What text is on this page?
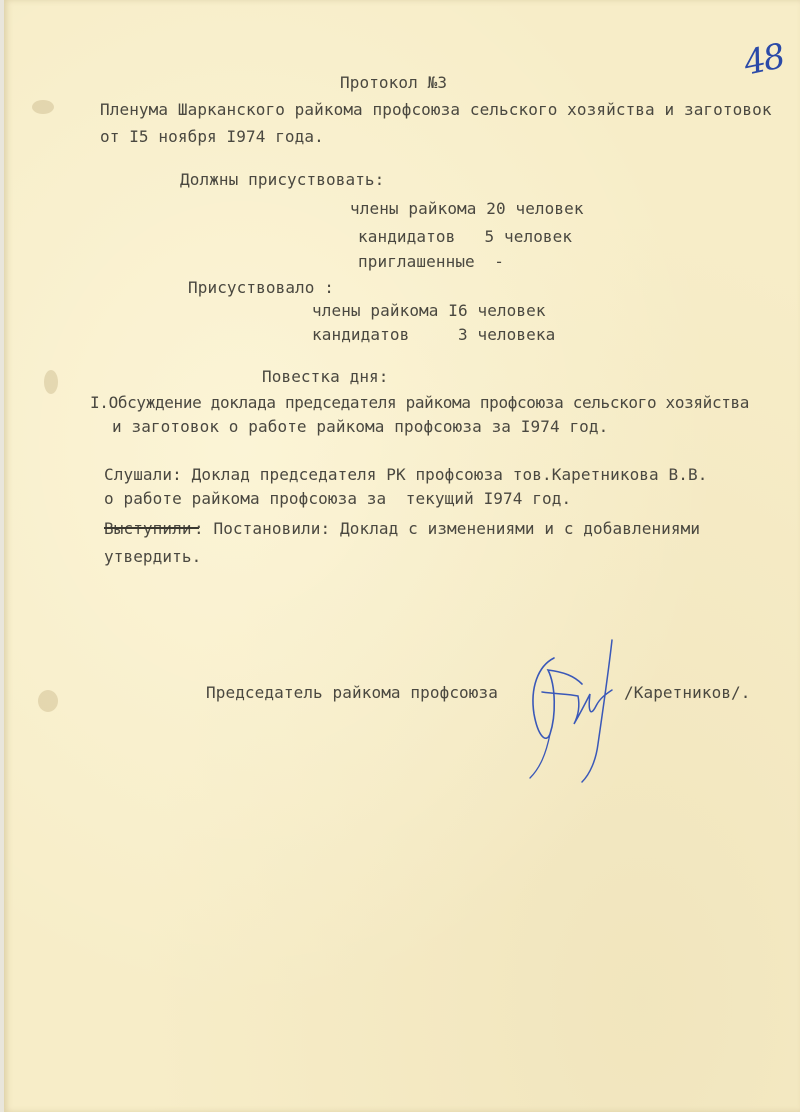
48
Протокол №3
Пленума Шарканского райкома профсоюза сельского хозяйства и заготовок
от I5 ноября I974 года.
Должны присуствовать:
члены райкома 20 человек
кандидатов   5 человек
приглашенные  -
Присуствовало :
члены райкома I6 человек
кандидатов     3 человека
Повестка дня:
I.Обсуждение доклада председателя райкома профсоюза сельского хозяйства
и заготовок о работе райкома профсоюза за I974 год.
Слушали: Доклад председателя РК профсоюза тов.Каретникова В.В.
о работе райкома профсоюза за  текущий I974 год.
: Постановили: Доклад с изменениями и с добавлениями
утвердить.
Председатель райкома профсоюза	/Каретников/.
